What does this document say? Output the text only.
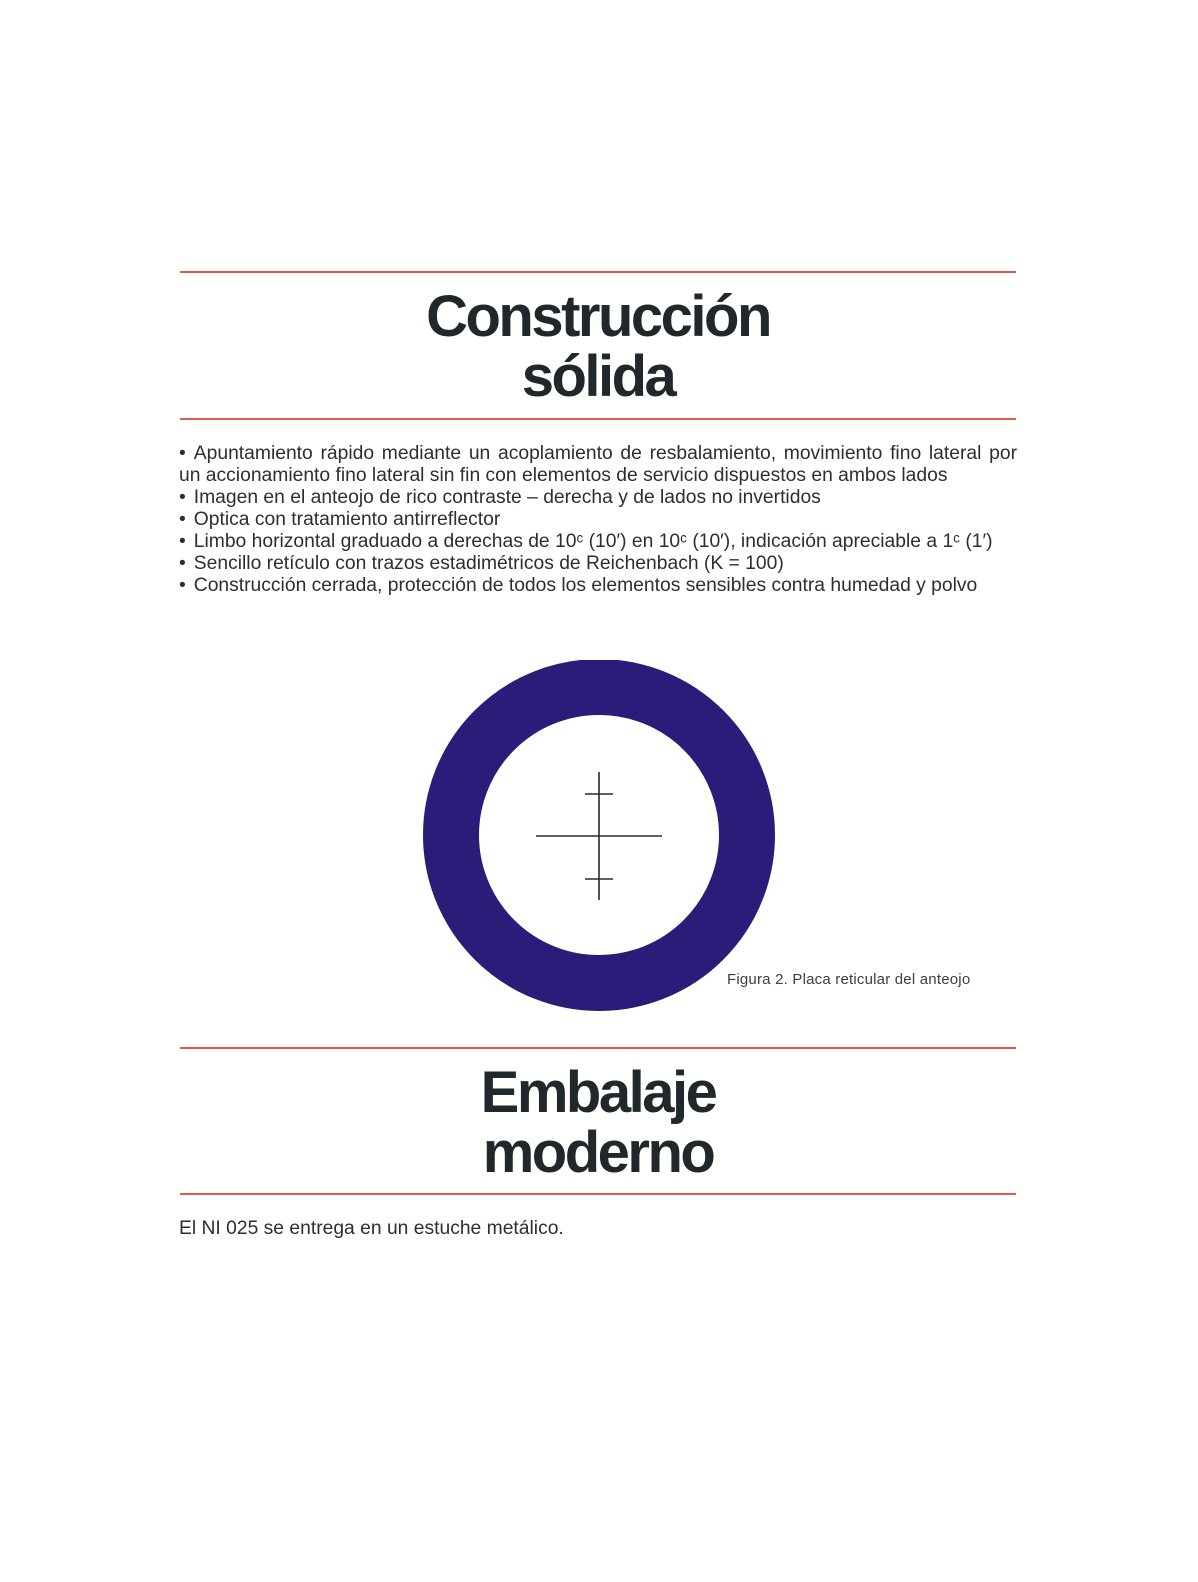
Construcción
sólida
• Apuntamiento rápido mediante un acoplamiento de resbalamiento, movimiento fino lateral por un accionamiento fino lateral sin fin con elementos de servicio dispuestos en ambos lados
• Imagen en el anteojo de rico contraste – derecha y de lados no invertidos
• Optica con tratamiento antirreflector
• Limbo horizontal graduado a derechas de 10ᶜ (10′) en 10ᶜ (10′), indicación apreciable a 1ᶜ (1′)
• Sencillo retículo con trazos estadimétricos de Reichenbach (K = 100)
• Construcción cerrada, protección de todos los elementos sensibles contra humedad y polvo
Figura 2. Placa reticular del anteojo
Embalaje
moderno
El NI 025 se entrega en un estuche metálico.
